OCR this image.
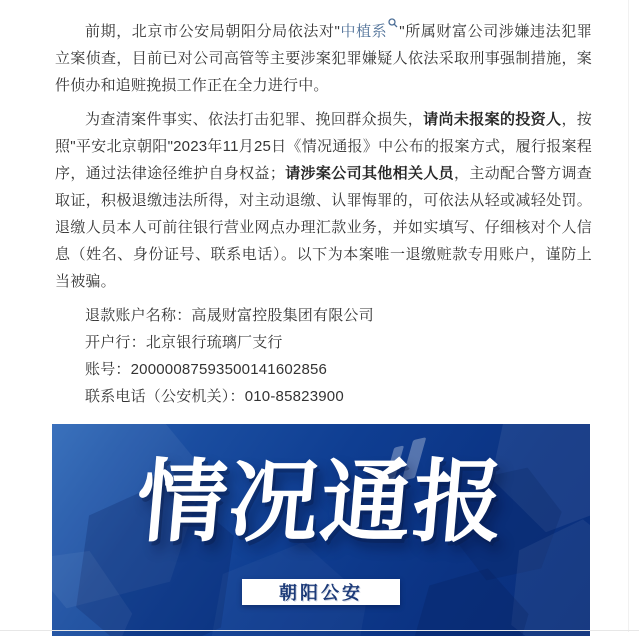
前期，北京市公安局朝阳分局依法对"中植系 "所属财富公司涉嫌违法犯罪立案侦查，目前已对公司高管等主要涉案犯罪嫌疑人依法采取刑事强制措施，案件侦办和追赃挽损工作正在全力进行中。

为查清案件事实、依法打击犯罪、挽回群众损失，请尚未报案的投资人，按照"平安北京朝阳"2023年11月25日《情况通报》中公布的报案方式，履行报案程序，通过法律途径维护自身权益；请涉案公司其他相关人员，主动配合警方调查取证，积极退缴违法所得，对主动退缴、认罪悔罪的，可依法从轻或减轻处罚。退缴人员本人可前往银行营业网点办理汇款业务，并如实填写、仔细核对个人信息（姓名、身份证号、联系电话）。以下为本案唯一退缴赃款专用账户，谨防上当被骗。

退款账户名称：高晟财富控股集团有限公司
开户行：北京银行琉璃厂支行
账号：20000087593500141602856
联系电话（公安机关）：010-85823900
情况通报
朝阳公安
